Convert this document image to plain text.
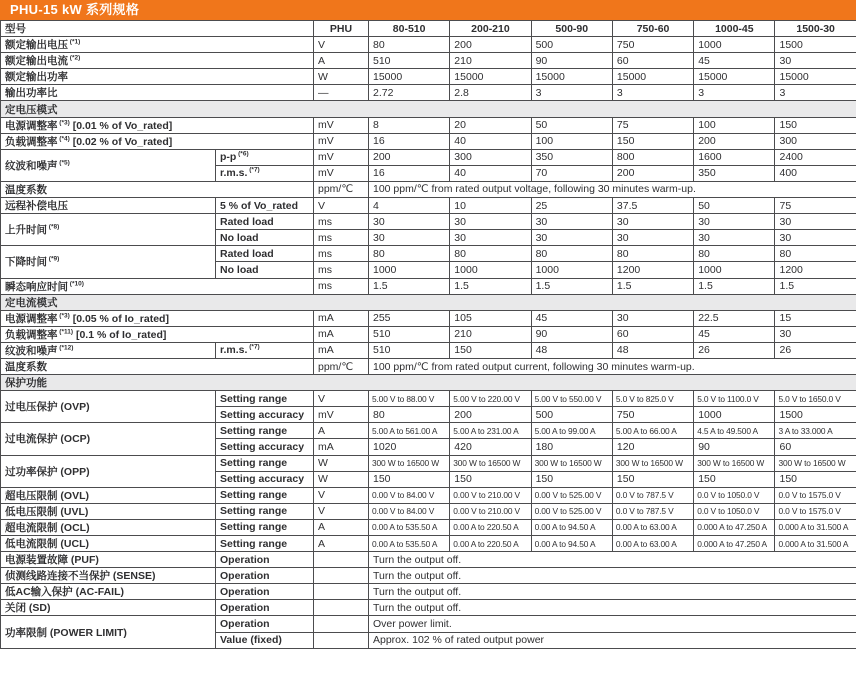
PHU-15 kW 系列规格
型号		PHU	80-510	200-210	500-90	750-60	1000-45	1500-30
额定输出电压 $^{(*1)}$		V	80	200	500	750	1000	1500
额定输出电流 $^{(*2)}$		A	510	210	90	60	45	30
额定输出功率		W	15000	15000	15000	15000	15000	15000
输出功率比		—	2.72	2.8	3	3	3	3
定电压模式								
电源调整率 $^{(*3)}$ [0.01 % of Vo_rated]		mV	8	20	50	75	100	150
负载调整率 $^{(*4)}$ [0.02 % of Vo_rated]		mV	16	40	100	150	200	300
纹波和噪声 $^{(*5)}$	p-p $^{(*6)}$	mV	200	300	350	800	1600	2400
	r.m.s. $^{(*7)}$	mV	16	40	70	200	350	400
温度系数		ppm/℃	100 ppm/℃ from rated output voltage, following 30 minutes warm-up.					
远程补偿电压	5 % of Vo_rated	V	4	10	25	37.5	50	75
上升时间 $^{(*8)}$	Rated load	ms	30	30	30	30	30	30
	No load	ms	30	30	30	30	30	30
下降时间 $^{(*9)}$	Rated load	ms	80	80	80	80	80	80
	No load	ms	1000	1000	1000	1200	1000	1200
瞬态响应时间 $^{(*10)}$		ms	1.5	1.5	1.5	1.5	1.5	1.5
定电流模式								
电源调整率 $^{(*3)}$ [0.05 % of Io_rated]		mA	255	105	45	30	22.5	15
负载调整率 $^{(*11)}$ [0.1 % of Io_rated]		mA	510	210	90	60	45	30
纹波和噪声 $^{(*12)}$	r.m.s. $^{(*7)}$	mA	510	150	48	48	26	26
温度系数		ppm/℃	100 ppm/℃ from rated output current, following 30 minutes warm-up.					
保护功能								
过电压保护 (OVP)	Setting range	V	5.00 V to 88.00 V	5.00 V to 220.00 V	5.00 V to 550.00 V	5.0 V to 825.0 V	5.0 V to 1100.0 V	5.0 V to 1650.0 V
	Setting accuracy	mV	80	200	500	750	1000	1500
过电流保护 (OCP)	Setting range	A	5.00 A to 561.00 A	5.00 A to 231.00 A	5.00 A to 99.00 A	5.00 A to 66.00 A	4.5 A to 49.500 A	3 A to 33.000 A
	Setting accuracy	mA	1020	420	180	120	90	60
过功率保护 (OPP)	Setting range	W	300 W to 16500 W	300 W to 16500 W	300 W to 16500 W	300 W to 16500 W	300 W to 16500 W	300 W to 16500 W
	Setting accuracy	W	150	150	150	150	150	150
超电压限制 (OVL)	Setting range	V	0.00 V to 84.00 V	0.00 V to 210.00 V	0.00 V to 525.00 V	0.0 V to 787.5 V	0.0 V to 1050.0 V	0.0 V to 1575.0 V
低电压限制 (UVL)	Setting range	V	0.00 V to 84.00 V	0.00 V to 210.00 V	0.00 V to 525.00 V	0.0 V to 787.5 V	0.0 V to 1050.0 V	0.0 V to 1575.0 V
超电流限制 (OCL)	Setting range	A	0.00 A to 535.50 A	0.00 A to 220.50 A	0.00 A to 94.50 A	0.00 A to 63.00 A	0.000 A to 47.250 A	0.000 A to 31.500 A
低电流限制 (UCL)	Setting range	A	0.00 A to 535.50 A	0.00 A to 220.50 A	0.00 A to 94.50 A	0.00 A to 63.00 A	0.000 A to 47.250 A	0.000 A to 31.500 A
电源装置故障 (PUF)	Operation		Turn the output off.					
侦测线路连接不当保护 (SENSE)	Operation		Turn the output off.					
低AC输入保护 (AC-FAIL)	Operation		Turn the output off.					
关闭 (SD)	Operation		Turn the output off.					
功率限制 (POWER LIMIT)	Operation		Over power limit.					
	Value (fixed)		Approx. 102 % of rated output power					
